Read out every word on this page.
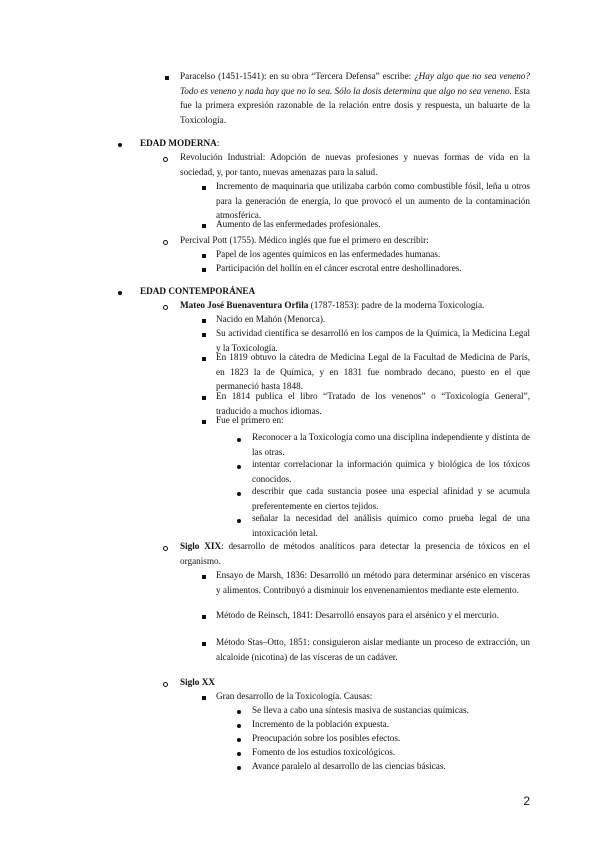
Paracelso (1451-1541): en su obra “Tercera Defensa” escribe: ¿Hay algo que no sea veneno? Todo es veneno y nada hay que no lo sea. Sólo la dosis determina que algo no sea veneno. Esta fue la primera expresión razonable de la relación entre dosis y respuesta, un baluarte de la Toxicología.
EDAD MODERNA:
Revolución Industrial: Adopción de nuevas profesiones y nuevas formas de vida en la sociedad, y, por tanto, nuevas amenazas para la salud.
Incremento de maquinaria que utilizaba carbón como combustible fósil, leña u otros para la generación de energía, lo que provocó el un aumento de la contaminación atmosférica.
Aumento de las enfermedades profesionales.
Percival Pott (1755). Médico inglés que fue el primero en describir:
Papel de los agentes químicos en las enfermedades humanas.
Participación del hollín en el cáncer escrotal entre deshollinadores.
EDAD CONTEMPORÁNEA
Mateo José Buenaventura Orfila (1787-1853): padre de la moderna Toxicología.
Nacido en Mahón (Menorca).
Su actividad científica se desarrolló en los campos de la Química, la Medicina Legal y la Toxicología.
En 1819 obtuvo la cátedra de Medicina Legal de la Facultad de Medicina de París, en 1823 la de Química, y en 1831 fue nombrado decano, puesto en el que permaneció hasta 1848.
En 1814 publica el libro “Tratado de los venenos” o “Toxicología General”, traducido a muchos idiomas.
Fue el primero en:
Reconocer a la Toxicología como una disciplina independiente y distinta de las otras.
intentar correlacionar la información química y biológica de los tóxicos conocidos.
describir que cada sustancia posee una especial afinidad y se acumula preferentemente en ciertos tejidos.
señalar la necesidad del análisis químico como prueba legal de una intoxicación letal.
Siglo XIX: desarrollo de métodos analíticos para detectar la presencia de tóxicos en el organismo.
Ensayo de Marsh, 1836: Desarrolló un método para determinar arsénico en vísceras y alimentos. Contribuyó a disminuir los envenenamientos mediante este elemento.
Método de Reinsch, 1841: Desarrolló ensayos para el arsénico y el mercurio.
Método Stas–Otto, 1851: consiguieron aislar mediante un proceso de extracción, un alcaloide (nicotina) de las vísceras de un cadáver.
Siglo XX
Gran desarrollo de la Toxicología. Causas:
Se lleva a cabo una síntesis masiva de sustancias químicas.
Incremento de la población expuesta.
Preocupación sobre los posibles efectos.
Fomento de los estudios toxicológicos.
Avance paralelo al desarrollo de las ciencias básicas.
2
